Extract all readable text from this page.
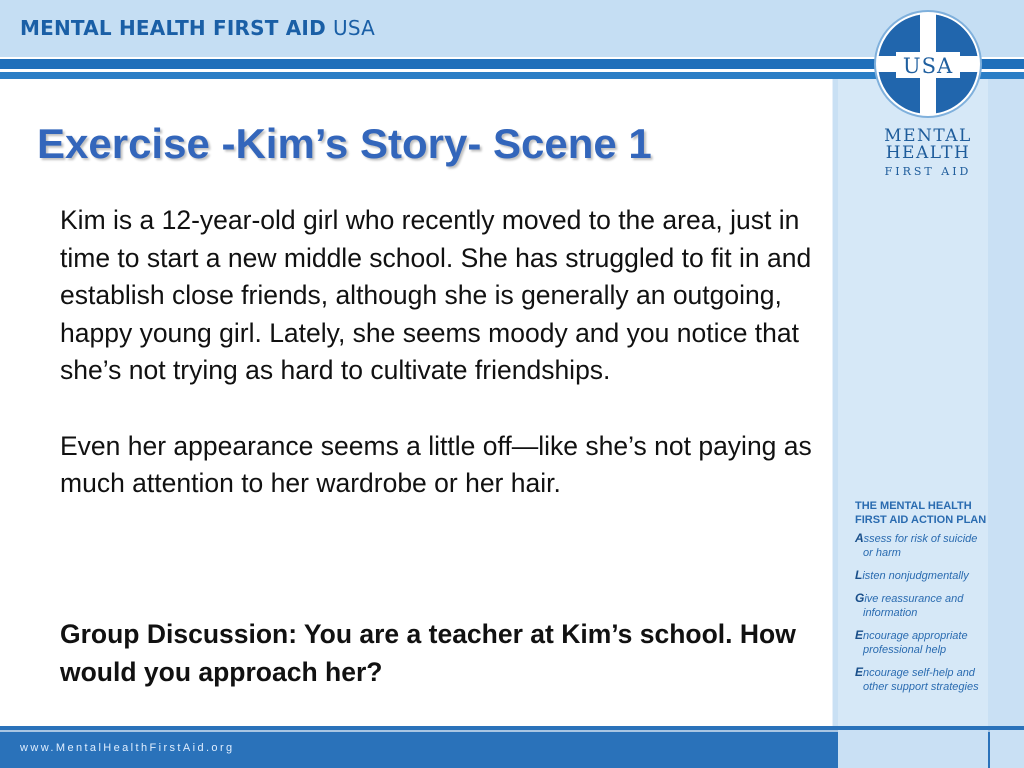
MENTAL HEALTH FIRST AID USA
USA
MENTAL
HEALTH
FIRST AID
Exercise -Kim’s Story- Scene 1

Kim is a 12-year-old girl who recently moved to the area, just in time to start a new middle school. She has struggled to fit in and establish close friends, although she is generally an outgoing, happy young girl. Lately, she seems moody and you notice that she’s not trying as hard to cultivate friendships.

Even her appearance seems a little off—like she’s not paying as much attention to her wardrobe or her hair.

Group Discussion: You are a teacher at Kim’s school. How would you approach her?
THE MENTAL HEALTH
FIRST AID ACTION PLAN
Assess for risk of suicide
or harm
Listen nonjudgmentally
Give reassurance and
information
Encourage appropriate
professional help
Encourage self-help and
other support strategies
www.MentalHealthFirstAid.org
